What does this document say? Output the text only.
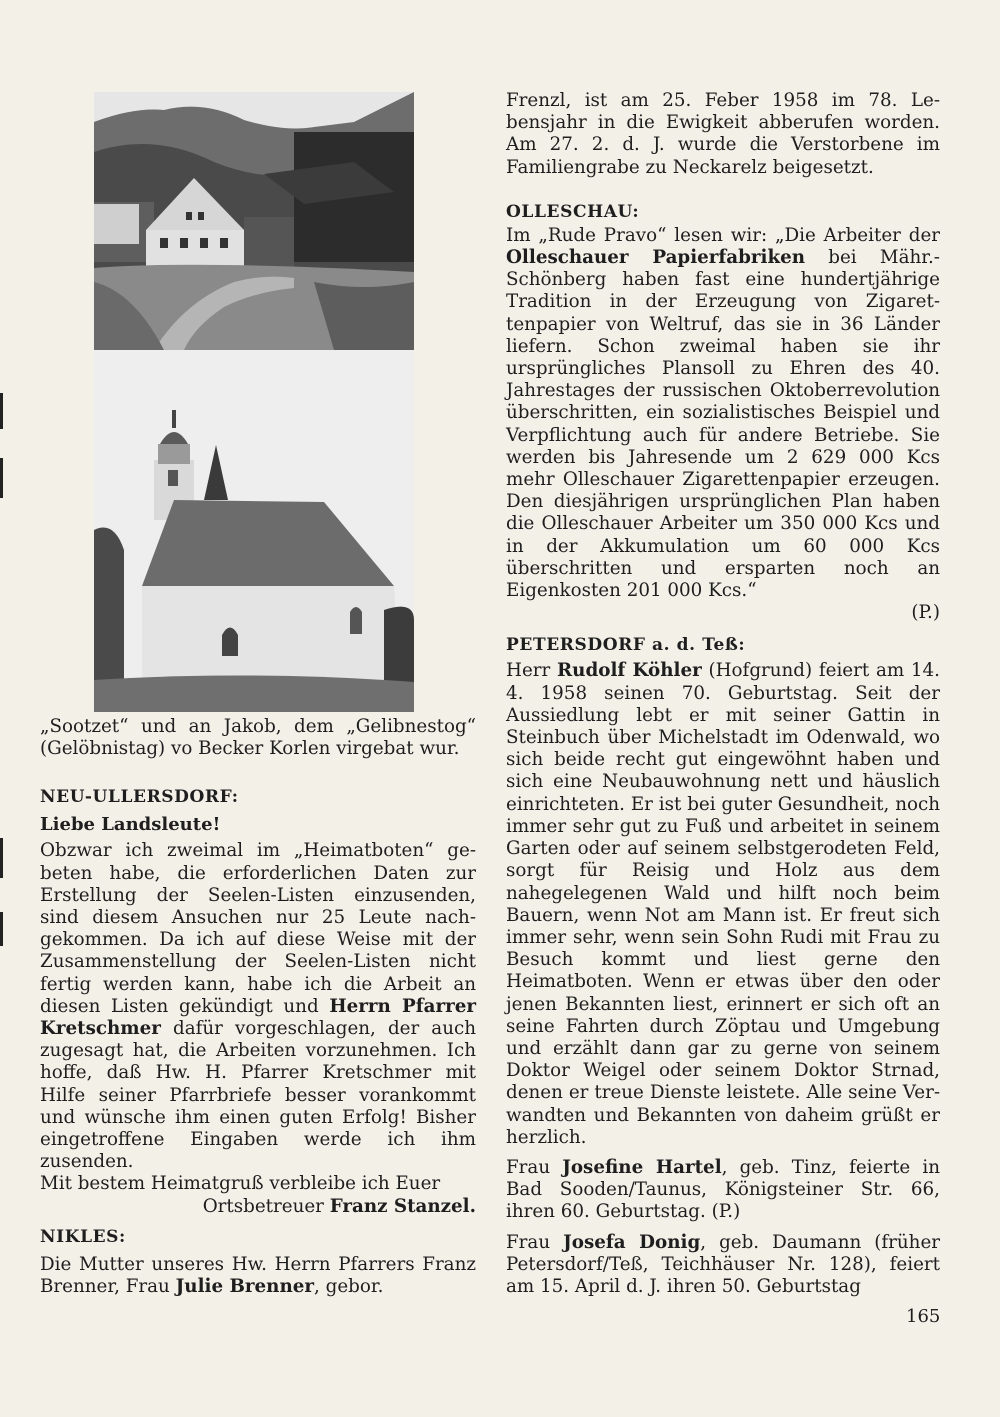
„Sootzet“ und an Jakob, dem „Gelibnestog“ (Gelöbnistag) vo Becker Korlen virgebat wur.

NEU-ULLERSDORF:
Liebe Landsleute!

Obzwar ich zweimal im „Heimatboten“ gebeten habe, die erforderlichen Daten zur Erstellung der Seelen-Listen einzusenden, sind diesem Ansuchen nur 25 Leute nachgekommen. Da ich auf diese Weise mit der Zusammenstellung der Seelen-Listen nicht fertig werden kann, habe ich die Arbeit an diesen Listen gekündigt und Herrn Pfarrer Kretschmer dafür vorgeschlagen, der auch zugesagt hat, die Arbeiten vorzunehmen. Ich hoffe, daß Hw. H. Pfarrer Kretschmer mit Hilfe seiner Pfarrbriefe besser vorankommt und wünsche ihm einen guten Erfolg! Bisher eingetroffene Eingaben werde ich ihm zusenden.

Mit bestem Heimatgruß verbleibe ich Euer

Ortsbetreuer Franz Stanzel.

NIKLES:

Die Mutter unseres Hw. Herrn Pfarrers Franz Brenner, Frau Julie Brenner, gebor.

Frenzl, ist am 25. Feber 1958 im 78. Lebensjahr in die Ewigkeit abberufen worden. Am 27. 2. d. J. wurde die Verstorbene im Familiengrabe zu Neckarelz beigesetzt.

OLLESCHAU:

Im „Rude Pravo“ lesen wir: „Die Arbeiter der Olleschauer Papierfabriken bei Mähr.-Schönberg haben fast eine hundertjährige Tradition in der Erzeugung von Zigarettenpapier von Weltruf, das sie in 36 Länder liefern. Schon zweimal haben sie ihr ursprüngliches Plansoll zu Ehren des 40. Jahrestages der russischen Oktoberrevolution überschritten, ein sozialistisches Beispiel und Verpflichtung auch für andere Betriebe. Sie werden bis Jahresende um 2 629 000 Kcs mehr Olleschauer Zigarettenpapier erzeugen. Den diesjährigen ursprünglichen Plan haben die Olleschauer Arbeiter um 350 000 Kcs und in der Akkumulation um 60 000 Kcs überschritten und ersparten noch an Eigenkosten 201 000 Kcs.“

(P.)

PETERSDORF a. d. Teß:

Herr Rudolf Köhler (Hofgrund) feiert am 14. 4. 1958 seinen 70. Geburtstag. Seit der Aussiedlung lebt er mit seiner Gattin in Steinbuch über Michelstadt im Odenwald, wo sich beide recht gut eingewöhnt haben und sich eine Neubauwohnung nett und häuslich einrichteten. Er ist bei guter Gesundheit, noch immer sehr gut zu Fuß und arbeitet in seinem Garten oder auf seinem selbstgerodeten Feld, sorgt für Reisig und Holz aus dem nahegelegenen Wald und hilft noch beim Bauern, wenn Not am Mann ist. Er freut sich immer sehr, wenn sein Sohn Rudi mit Frau zu Besuch kommt und liest gerne den Heimatboten. Wenn er etwas über den oder jenen Bekannten liest, erinnert er sich oft an seine Fahrten durch Zöptau und Umgebung und erzählt dann gar zu gerne von seinem Doktor Weigel oder seinem Doktor Strnad, denen er treue Dienste leistete. Alle seine Verwandten und Bekannten von daheim grüßt er herzlich.

Frau Josefine Hartel, geb. Tinz, feierte in Bad Sooden/Taunus, Königsteiner Str. 66, ihren 60. Geburtstag. (P.)

Frau Josefa Donig, geb. Daumann (früher Petersdorf/Teß, Teichhäuser Nr. 128), feiert am 15. April d. J. ihren 50. Geburtstag

165
